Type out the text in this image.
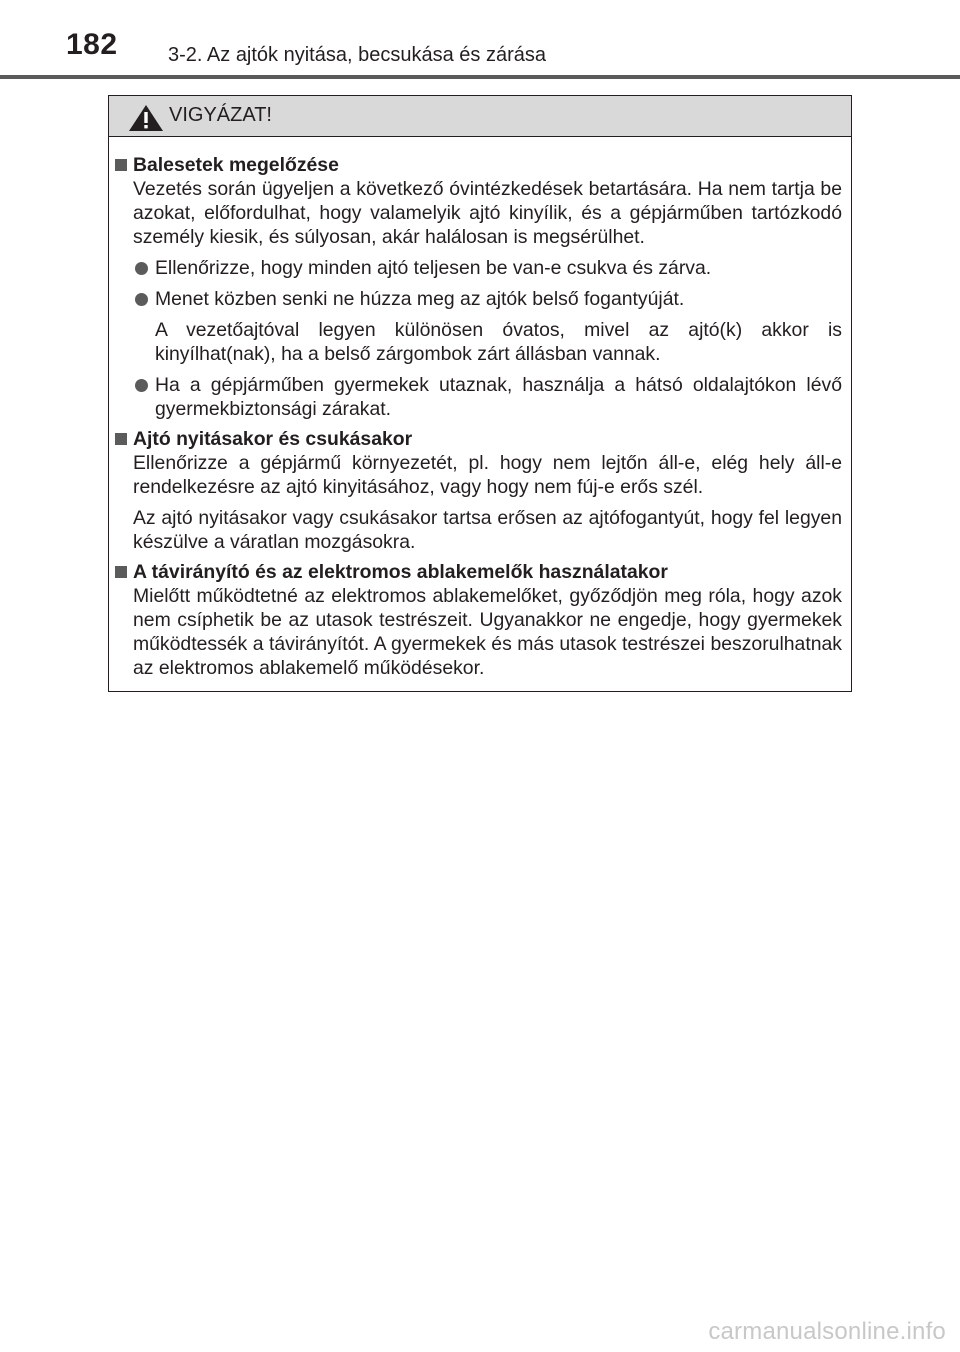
182	3-2. Az ajtók nyitása, becsukása és zárása
VIGYÁZAT!
Balesetek megelőzése
Vezetés során ügyeljen a következő óvintézkedések betartására. Ha nem tartja be azokat, előfordulhat, hogy valamelyik ajtó kinyílik, és a gépjárműben tartózkodó személy kiesik, és súlyosan, akár halálosan is megsérülhet.
Ellenőrizze, hogy minden ajtó teljesen be van-e csukva és zárva.
Menet közben senki ne húzza meg az ajtók belső fogantyúját.
A vezetőajtóval legyen különösen óvatos, mivel az ajtó(k) akkor is kinyílhat(nak), ha a belső zárgombok zárt állásban vannak.
Ha a gépjárműben gyermekek utaznak, használja a hátsó oldalajtókon lévő gyermekbiztonsági zárakat.
Ajtó nyitásakor és csukásakor
Ellenőrizze a gépjármű környezetét, pl. hogy nem lejtőn áll-e, elég hely áll-e rendelkezésre az ajtó kinyitásához, vagy hogy nem fúj-e erős szél.
Az ajtó nyitásakor vagy csukásakor tartsa erősen az ajtófogantyút, hogy fel legyen készülve a váratlan mozgásokra.
A távirányító és az elektromos ablakemelők használatakor
Mielőtt működtetné az elektromos ablakemelőket, győződjön meg róla, hogy azok nem csíphetik be az utasok testrészeit. Ugyanakkor ne engedje, hogy gyermekek működtessék a távirányítót. A gyermekek és más utasok testrészei beszorulhatnak az elektromos ablakemelő működésekor.
carmanualsonline.info
